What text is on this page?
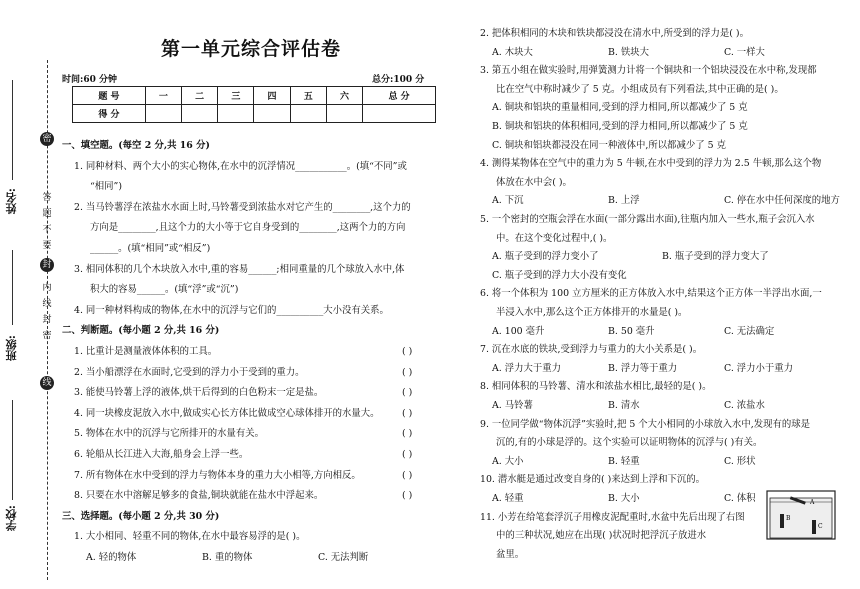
密
封
线
答
题
不
要
内
线
封
密
姓名:
班级:
学校:
第一单元综合评估卷
时间:60 分钟	总分:100 分
题 号	一	二	三	四	五	六	总 分
得 分							
一、填空题。(每空 2 分,共 16 分)
1. 同种材料、两个大小的实心物体,在水中的沉浮情况___________。(填“不同”或
“相同”)
2. 当马铃薯浮在浓盐水水面上时,马铃薯受到浓盐水对它产生的________,这个力的
方向是________,且这个力的大小等于它自身受到的________,这两个力的方向
______。(填“相同”或“相反”)
3. 相同体积的几个木块放入水中,重的容易______;相同重量的几个球放入水中,体
积大的容易______。(填“浮”或“沉”)
4. 同一种材料构成的物体,在水中的沉浮与它们的__________大小没有关系。
二、判断题。(每小题 2 分,共 16 分)
1. 比重计是测量液体体积的工具。	( )
2. 当小船漂浮在水面时,它受到的浮力小于受到的重力。	( )
3. 能使马铃薯上浮的液体,烘干后得到的白色粉末一定是盐。	( )
4. 同一块橡皮泥放入水中,做成实心长方体比做成空心球体排开的水量大。 ( )
5. 物体在水中的沉浮与它所排开的水量有关。	( )
6. 轮船从长江进入大海,船身会上浮一些。	( )
7. 所有物体在水中受到的浮力与物体本身的重力大小相等,方向相反。	( )
8. 只要在水中溶解足够多的食盐,铜块就能在盐水中浮起来。	( )
三、选择题。(每小题 2 分,共 30 分)
1. 大小相同、轻重不同的物体,在水中最容易浮的是( )。
A. 轻的物体	B. 重的物体	C. 无法判断
2. 把体积相同的木块和铁块都浸没在清水中,所受到的浮力是( )。
A. 木块大	B. 铁块大	C. 一样大
3. 第五小组在做实验时,用弹簧测力计将一个铜块和一个铝块浸没在水中称,发现都
比在空气中称时减少了 5 克。小组成员有下列看法,其中正确的是( )。
A. 铜块和铝块的重量相同,受到的浮力相同,所以都减少了 5 克
B. 铜块和铝块的体积相同,受到的浮力相同,所以都减少了 5 克
C. 铜块和铝块都浸没在同一种液体中,所以都减少了 5 克
4. 测得某物体在空气中的重力为 5 牛顿,在水中受到的浮力为 2.5 牛顿,那么这个物
体放在水中会( )。
A. 下沉	B. 上浮	C. 停在水中任何深度的地方
5. 一个密封的空瓶会浮在水面(一部分露出水面),往瓶内加入一些水,瓶子会沉入水
中。在这个变化过程中,( )。
A. 瓶子受到的浮力变小了	B. 瓶子受到的浮力变大了
C. 瓶子受到的浮力大小没有变化
6. 将一个体积为 100 立方厘米的正方体放入水中,结果这个正方体一半浮出水面,一
半浸入水中,那么这个正方体排开的水量是( )。
A. 100 毫升	B. 50 毫升	C. 无法确定
7. 沉在水底的铁块,受到浮力与重力的大小关系是( )。
A. 浮力大于重力	B. 浮力等于重力	C. 浮力小于重力
8. 相同体积的马铃薯、清水和浓盐水相比,最轻的是( )。
A. 马铃薯	B. 清水	C. 浓盐水
9. 一位同学做“物体沉浮”实验时,把 5 个大小相同的小球放入水中,发现有的球是
沉的,有的小球是浮的。这个实验可以证明物体的沉浮与( )有关。
A. 大小	B. 轻重	C. 形状
10. 潜水艇是通过改变自身的( )来达到上浮和下沉的。
A. 轻重	B. 大小	C. 体积
11. 小芳在给笔套浮沉子用橡皮泥配重时,水盆中先后出现了右图
中的三种状况,她应在出现( )状况时把浮沉子放进水
盆里。
A
B
C
